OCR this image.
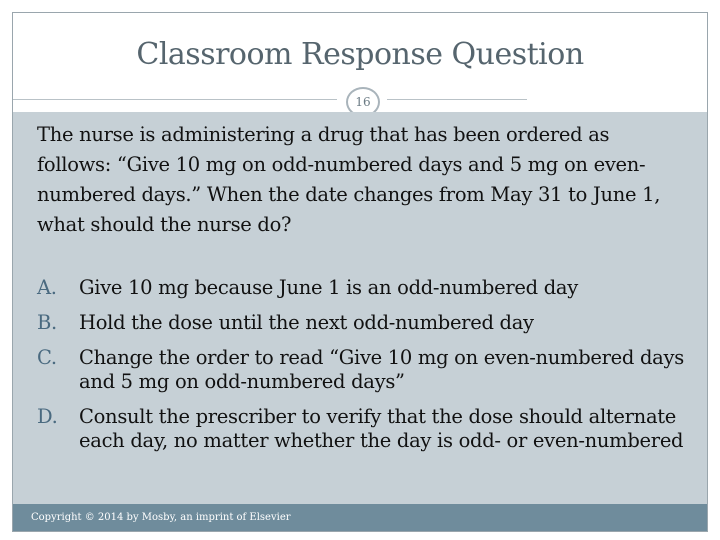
Classroom Response Question
16
The nurse is administering a drug that has been ordered as follows: “Give 10 mg on odd-numbered days and 5 mg on even-numbered days.” When the date changes from May 31 to June 1, what should the nurse do?
A.	Give 10 mg because June 1 is an odd-numbered day
B.	Hold the dose until the next odd-numbered day
C.	Change the order to read “Give 10 mg on even-numbered days and 5 mg on odd-numbered days”
D.	Consult the prescriber to verify that the dose should alternate each day, no matter whether the day is odd- or even-numbered
Copyright © 2014 by Mosby, an imprint of Elsevier
